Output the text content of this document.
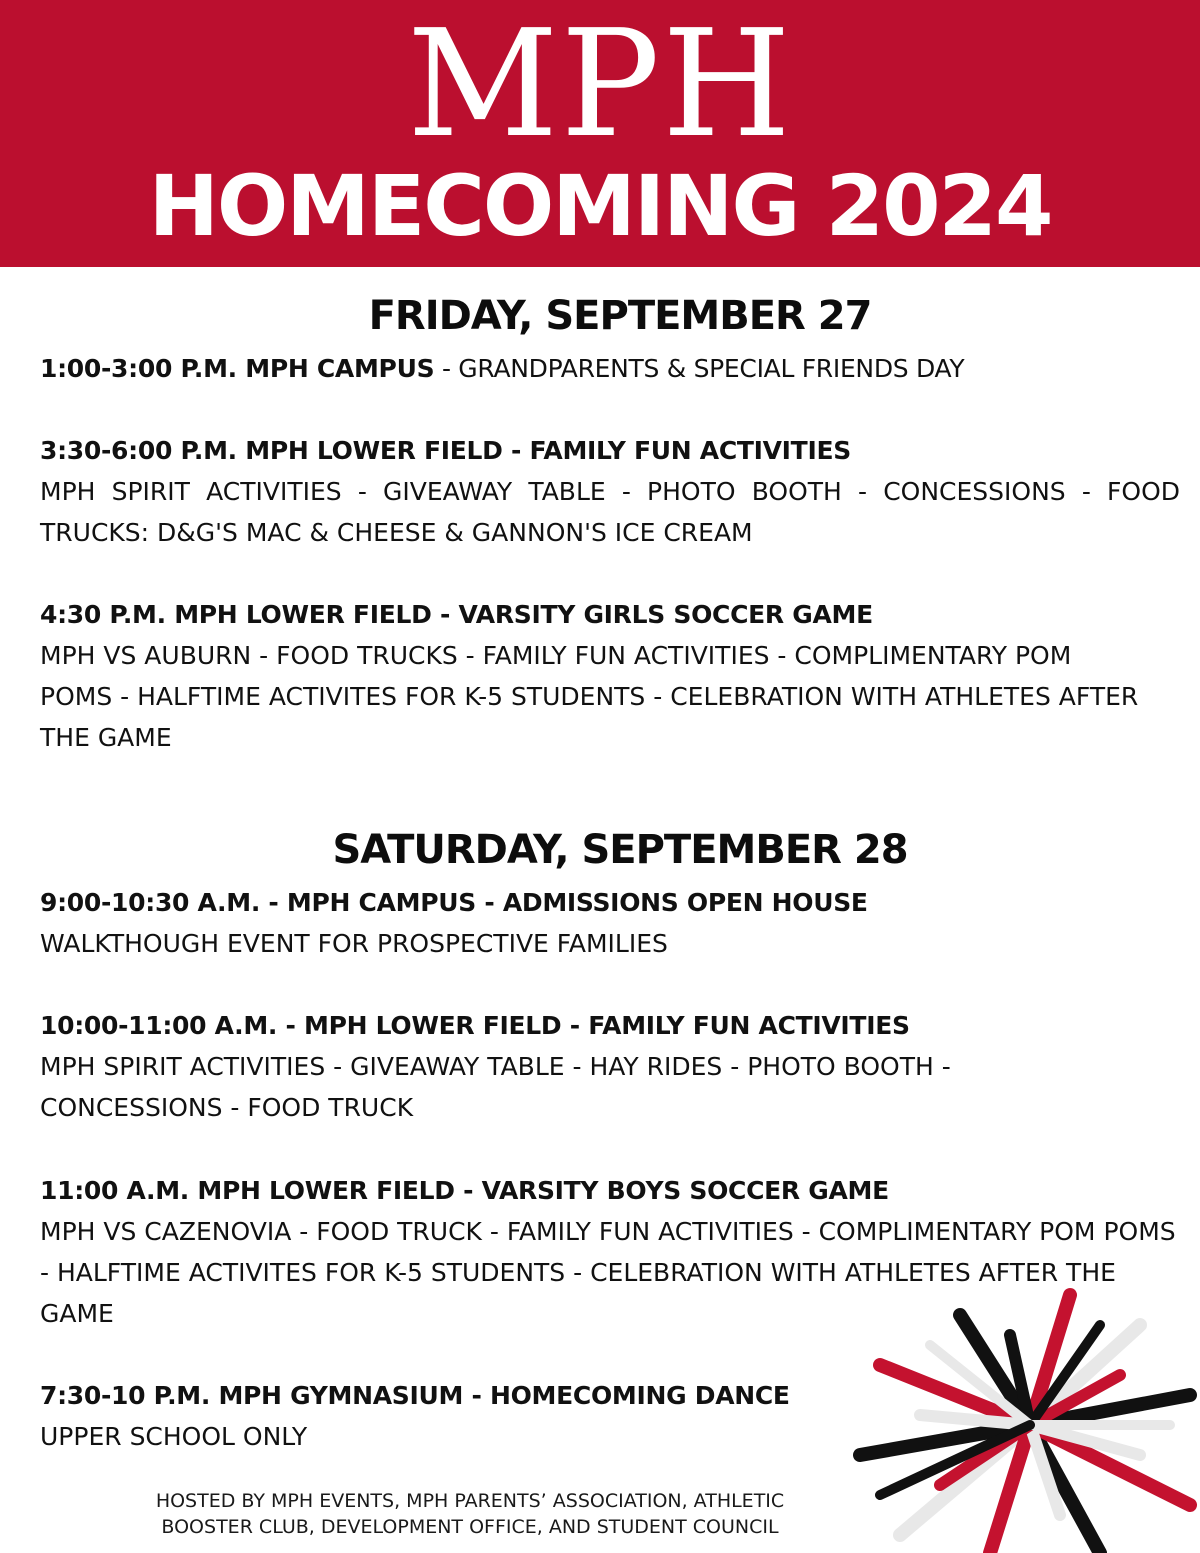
MPH
HOMECOMING 2024
FRIDAY, SEPTEMBER 27
1:00-3:00 P.M. MPH CAMPUS - GRANDPARENTS & SPECIAL FRIENDS DAY
3:30-6:00 P.M. MPH LOWER FIELD - FAMILY FUN ACTIVITIES
MPH SPIRIT ACTIVITIES - GIVEAWAY TABLE - PHOTO BOOTH - CONCESSIONS - FOOD TRUCKS: D&G'S MAC & CHEESE & GANNON'S ICE CREAM
4:30 P.M. MPH LOWER FIELD - VARSITY GIRLS SOCCER GAME
MPH VS AUBURN - FOOD TRUCKS - FAMILY FUN ACTIVITIES - COMPLIMENTARY POM POMS - HALFTIME ACTIVITES FOR K-5 STUDENTS - CELEBRATION WITH ATHLETES AFTER THE GAME
SATURDAY, SEPTEMBER 28
9:00-10:30 A.M. - MPH CAMPUS - ADMISSIONS OPEN HOUSE
WALKTHOUGH EVENT FOR PROSPECTIVE FAMILIES
10:00-11:00 A.M. - MPH LOWER FIELD - FAMILY FUN ACTIVITIES
MPH SPIRIT ACTIVITIES - GIVEAWAY TABLE - HAY RIDES - PHOTO BOOTH - CONCESSIONS - FOOD TRUCK
11:00 A.M. MPH LOWER FIELD - VARSITY BOYS SOCCER GAME
MPH VS CAZENOVIA - FOOD TRUCK - FAMILY FUN ACTIVITIES - COMPLIMENTARY POM POMS - HALFTIME ACTIVITES FOR K-5 STUDENTS - CELEBRATION WITH ATHLETES AFTER THE GAME
7:30-10 P.M. MPH GYMNASIUM - HOMECOMING DANCE
UPPER SCHOOL ONLY
HOSTED BY MPH EVENTS, MPH PARENTS’ ASSOCIATION, ATHLETIC
BOOSTER CLUB, DEVELOPMENT OFFICE, AND STUDENT COUNCIL
